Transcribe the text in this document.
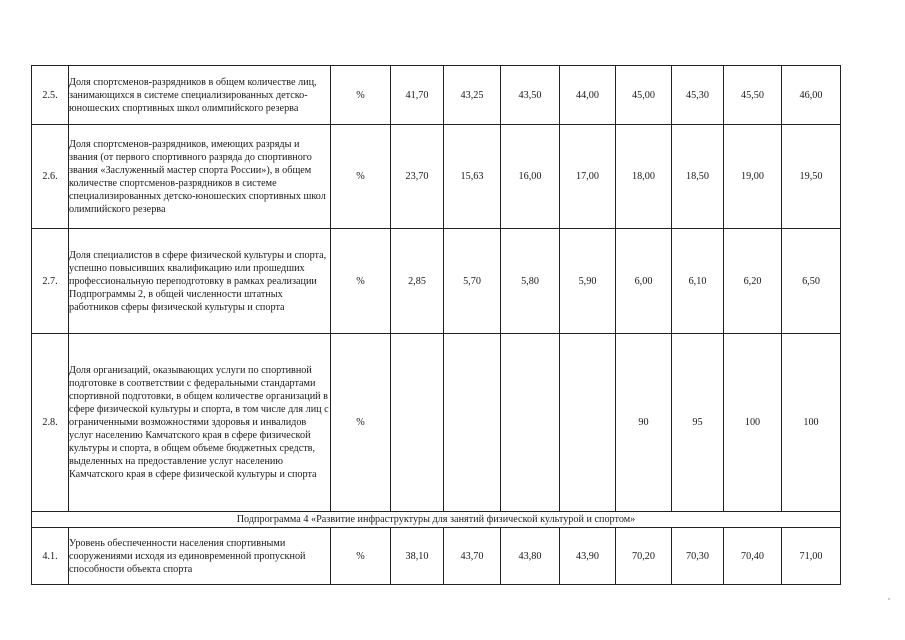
2.5.	Доля спортсменов-разрядников в общем количестве лиц, занимающихся в системе специализированных детско-юношеских спортивных школ олимпийского резерва	%	41,70	43,25	43,50	44,00	45,00	45,30	45,50	46,00
2.6.	Доля спортсменов-разрядников, имеющих разряды и звания (от первого спортивного разряда до спортивного звания «Заслуженный мастер спорта России»), в общем количестве спортсменов-разрядников в системе специализированных детско-юношеских спортивных школ олимпийского резерва	%	23,70	15,63	16,00	17,00	18,00	18,50	19,00	19,50
2.7.	Доля специалистов в сфере физической культуры и спорта, успешно повысивших квалификацию или прошедших профессиональную переподготовку в рамках реализации Подпрограммы 2, в общей численности штатных работников сферы физической культуры и спорта	%	2,85	5,70	5,80	5,90	6,00	6,10	6,20	6,50
2.8.	Доля организаций, оказывающих услуги по спортивной подготовке в соответствии с федеральными стандартами спортивной подготовки, в общем количестве организаций в сфере физической культуры и спорта, в том числе для лиц с ограниченными возможностями здоровья и инвалидов услуг населению Камчатского края в сфере физической культуры и спорта, в общем объеме бюджетных средств, выделенных на предоставление услуг населению Камчатского края в сфере физической культуры и спорта	%					90	95	100	100
Подпрограмма 4 «Развитие инфраструктуры для занятий физической культурой и спортом»										
4.1.	Уровень обеспеченности населения спортивными сооружениями исходя из единовременной пропускной способности объекта спорта	%	38,10	43,70	43,80	43,90	70,20	70,30	70,40	71,00
